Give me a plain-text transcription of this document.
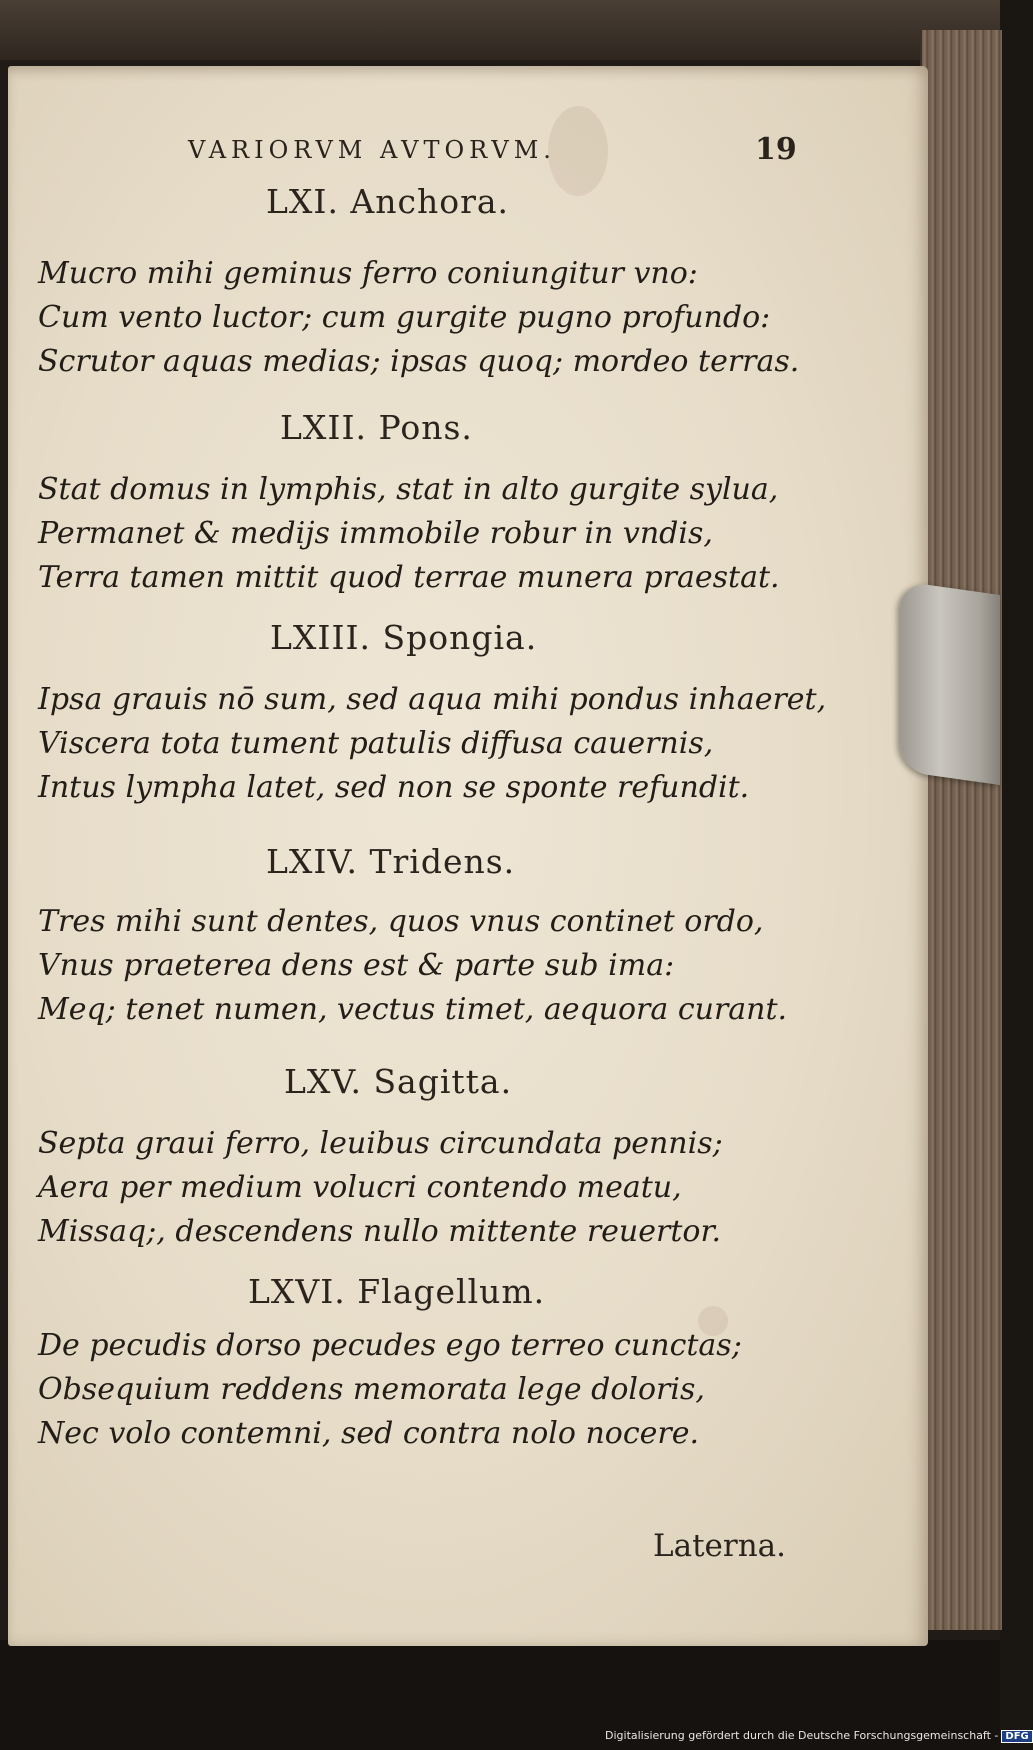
VARIORVM AVTORVM.	19
LXI. Anchora.
Mucro mihi geminus ferro coniungitur vno:
Cum vento luctor; cum gurgite pugno profundo:
Scrutor aquas medias; ipsas quoq; mordeo terras.
LXII. Pons.
Stat domus in lymphis, stat in alto gurgite sylua,
Permanet & medijs immobile robur in vndis,
Terra tamen mittit quod terrae munera praestat.
LXIII. Spongia.
Ipsa grauis nō sum, sed aqua mihi pondus inhaeret,
Viscera tota tument patulis diffusa cauernis,
Intus lympha latet, sed non se sponte refundit.
LXIV. Tridens.
Tres mihi sunt dentes, quos vnus continet ordo,
Vnus praeterea dens est & parte sub ima:
Meq; tenet numen, vectus timet, aequora curant.
LXV. Sagitta.
Septa graui ferro, leuibus circundata pennis;
Aera per medium volucri contendo meatu,
Missaq;, descendens nullo mittente reuertor.
LXVI. Flagellum.
De pecudis dorso pecudes ego terreo cunctas;
Obsequium reddens memorata lege doloris,
Nec volo contemni, sed contra nolo nocere.
Laterna.
Digitalisierung gefördert durch die Deutsche Forschungsgemeinschaft - DFG
